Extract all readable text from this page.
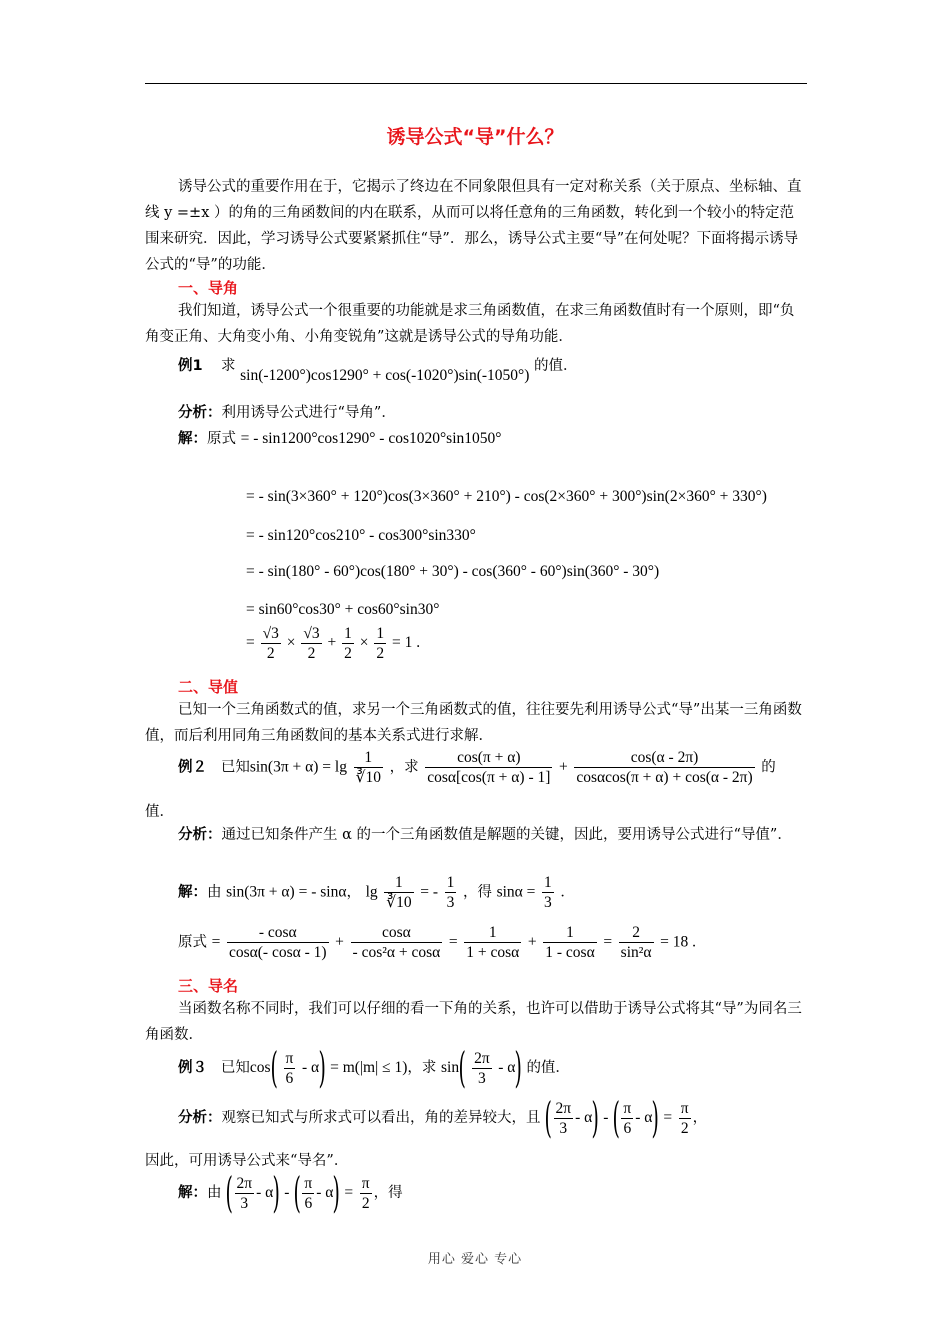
诱导公式“导”什么？
诱导公式的重要作用在于，它揭示了终边在不同象限但具有一定对称关系（关于原点、坐标轴、直线 y =±x ）的角的三角函数间的内在联系，从而可以将任意角的三角函数，转化到一个较小的特定范围来研究．因此，学习诱导公式要紧紧抓住“导”．那么，诱导公式主要“导”在何处呢？下面将揭示诱导公式的“导”的功能．
一、导角
我们知道，诱导公式一个很重要的功能就是求三角函数值，在求三角函数值时有一个原则，即“负角变正角、大角变小角、小角变锐角”这就是诱导公式的导角功能．
例1 求 sin(-1200°)cos1290° + cos(-1020°)sin(-1050°) 的值．
分析：利用诱导公式进行“导角”．
解：原式 = - sin1200°cos1290° - cos1020°sin1050°
= - sin(3×360° + 120°)cos(3×360° + 210°) - cos(2×360° + 300°)sin(2×360° + 330°)
= - sin120°cos210° - cos300°sin330°
= - sin(180° - 60°)cos(180° + 30°) - cos(360° - 60°)sin(360° - 30°)
= sin60°cos30° + cos60°sin30°
= $\frac{√3}{2} \times \frac{√3}{2} + \frac{1}{2} \times \frac{1}{2} = 1$ .
二、导值
已知一个三角函数式的值，求另一个三角函数式的值，往往要先利用诱导公式“导”出某一三角函数值，而后利用同角三角函数间的基本关系式进行求解．
例２ 已知$\sin(3\pi + \alpha) = \lg \frac{1}{∛10}$ ，求 $\frac{\cos(\pi + \alpha)}{\cos\alpha[\cos(\pi + \alpha) - 1]} + \frac{\cos(\alpha - 2\pi)}{\cos\alpha\cos(\pi + \alpha) + \cos(\alpha - 2\pi)}$ 的
值．
分析：通过已知条件产生 α 的一个三角函数值是解题的关键，因此，要用诱导公式进行“导值”．
解：由 sin(3π + α) = - sinα， $\lg \frac{1}{∛10}$ = - $\frac{1}{3}$ ，得 $\sin\alpha = \frac{1}{3}$ ．
原式 = $\frac{- \cos\alpha}{\cos\alpha(- \cos\alpha - 1)} + \frac{\cos\alpha}{\text{- cos²α + cosα}} = \frac{1}{1 + \cos\alpha} + \frac{1}{1 - \cos\alpha} = \frac{2}{\text{sin²α}} = 18$ .
三、导名
当函数名称不同时，我们可以仔细的看一下角的关系，也许可以借助于诱导公式将其“导”为同名三角函数．
例３ 已知$\cos( \frac{\pi}{6} - \alpha) = m(|m| \le 1)$，求 $\sin( \frac{2\pi}{3} - \alpha)$ 的值．
分析：观察已知式与所求式可以看出，角的差异较大，且 ( $\frac{2\pi}{3} - \alpha$) - ( $\frac{\pi}{6} - \alpha) = \frac{\pi}{2}$ ，
因此，可用诱导公式来“导名”．
解：由 ( $\frac{2\pi}{3} - \alpha$) - ( $\frac{\pi}{6} - \alpha) = \frac{\pi}{2}$ ，得
用心 爱心 专心
